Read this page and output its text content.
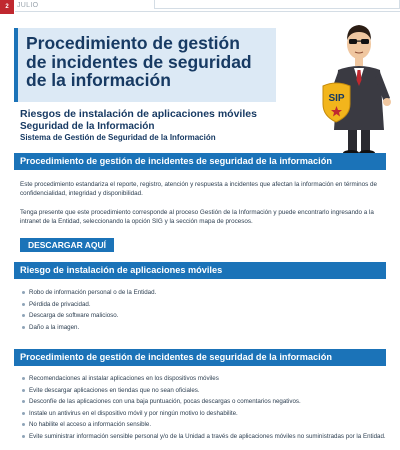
2	JULIO
Procedimiento de gestión
de incidentes de seguridad
de la información
Riesgos de instalación de aplicaciones móviles
Seguridad de la Información
Sistema de Gestión de Seguridad de la Información
SIP
Procedimiento de gestión de incidentes de seguridad de la información

Este procedimiento estandariza el reporte, registro, atención y respuesta a incidentes que afectan la información en términos de confidencialidad, integridad y disponibilidad.

Tenga presente que este procedimiento corresponde al proceso Gestión de la Información y puede encontrarlo ingresando a la intranet de la Entidad, seleccionando la opción SIG y la sección mapa de procesos.

DESCARGAR AQUÍ
Riesgo de instalación de aplicaciones móviles
Robo de información personal o de la Entidad.
Pérdida de privacidad.
Descarga de software malicioso.
Daño a la imagen.
Procedimiento de gestión de incidentes de seguridad de la información
Recomendaciones al instalar aplicaciones en los dispositivos móviles
Evite descargar aplicaciones en tiendas que no sean oficiales.
Desconfíe de las aplicaciones con una baja puntuación, pocas descargas o comentarios negativos.
Instale un antivirus en el dispositivo móvil y por ningún motivo lo deshabilite.
No habilite el acceso a información sensible.
Evite suministrar información sensible personal y/o de la Unidad a través de aplicaciones móviles no suministradas por la Entidad.
